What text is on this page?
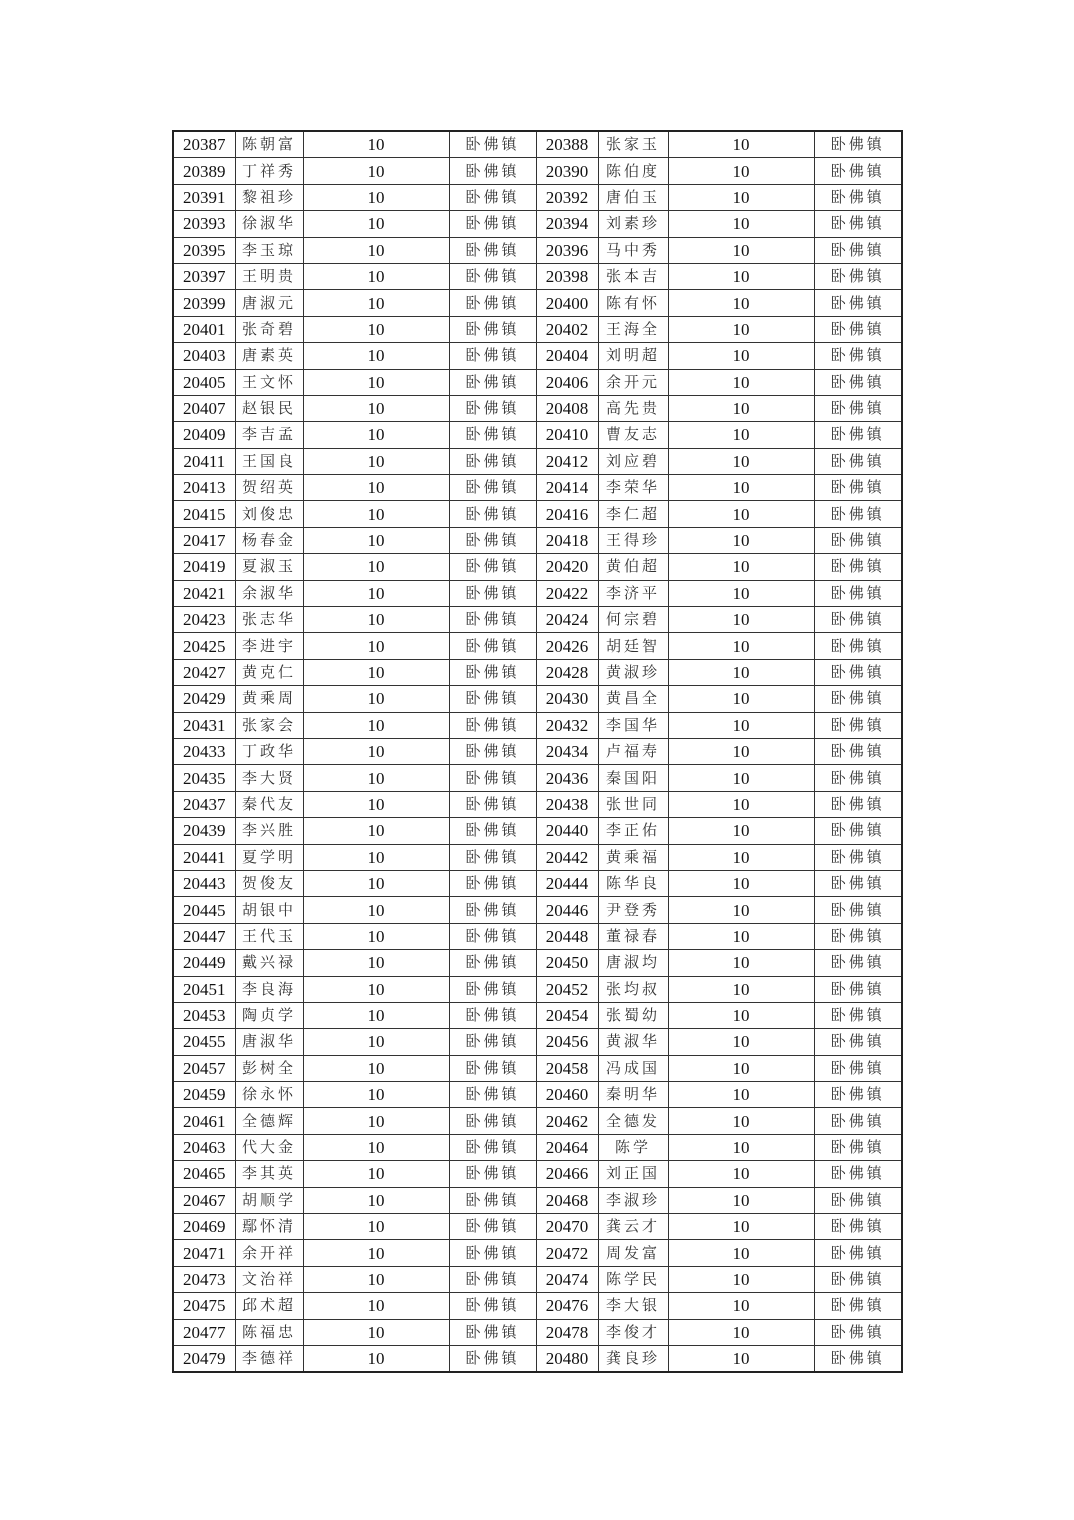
20387	陈朝富	10	卧佛镇	20388	张家玉	10	卧佛镇
20389	丁祥秀	10	卧佛镇	20390	陈伯度	10	卧佛镇
20391	黎祖珍	10	卧佛镇	20392	唐伯玉	10	卧佛镇
20393	徐淑华	10	卧佛镇	20394	刘素珍	10	卧佛镇
20395	李玉琼	10	卧佛镇	20396	马中秀	10	卧佛镇
20397	王明贵	10	卧佛镇	20398	张本吉	10	卧佛镇
20399	唐淑元	10	卧佛镇	20400	陈有怀	10	卧佛镇
20401	张奇碧	10	卧佛镇	20402	王海全	10	卧佛镇
20403	唐素英	10	卧佛镇	20404	刘明超	10	卧佛镇
20405	王文怀	10	卧佛镇	20406	余开元	10	卧佛镇
20407	赵银民	10	卧佛镇	20408	高先贵	10	卧佛镇
20409	李吉孟	10	卧佛镇	20410	曹友志	10	卧佛镇
20411	王国良	10	卧佛镇	20412	刘应碧	10	卧佛镇
20413	贺绍英	10	卧佛镇	20414	李荣华	10	卧佛镇
20415	刘俊忠	10	卧佛镇	20416	李仁超	10	卧佛镇
20417	杨春金	10	卧佛镇	20418	王得珍	10	卧佛镇
20419	夏淑玉	10	卧佛镇	20420	黄伯超	10	卧佛镇
20421	余淑华	10	卧佛镇	20422	李济平	10	卧佛镇
20423	张志华	10	卧佛镇	20424	何宗碧	10	卧佛镇
20425	李进宇	10	卧佛镇	20426	胡廷智	10	卧佛镇
20427	黄克仁	10	卧佛镇	20428	黄淑珍	10	卧佛镇
20429	黄乘周	10	卧佛镇	20430	黄昌全	10	卧佛镇
20431	张家会	10	卧佛镇	20432	李国华	10	卧佛镇
20433	丁政华	10	卧佛镇	20434	卢福寿	10	卧佛镇
20435	李大贤	10	卧佛镇	20436	秦国阳	10	卧佛镇
20437	秦代友	10	卧佛镇	20438	张世同	10	卧佛镇
20439	李兴胜	10	卧佛镇	20440	李正佑	10	卧佛镇
20441	夏学明	10	卧佛镇	20442	黄乘福	10	卧佛镇
20443	贺俊友	10	卧佛镇	20444	陈华良	10	卧佛镇
20445	胡银中	10	卧佛镇	20446	尹登秀	10	卧佛镇
20447	王代玉	10	卧佛镇	20448	董禄春	10	卧佛镇
20449	戴兴禄	10	卧佛镇	20450	唐淑均	10	卧佛镇
20451	李良海	10	卧佛镇	20452	张均叔	10	卧佛镇
20453	陶贞学	10	卧佛镇	20454	张蜀幼	10	卧佛镇
20455	唐淑华	10	卧佛镇	20456	黄淑华	10	卧佛镇
20457	彭树全	10	卧佛镇	20458	冯成国	10	卧佛镇
20459	徐永怀	10	卧佛镇	20460	秦明华	10	卧佛镇
20461	全德辉	10	卧佛镇	20462	全德发	10	卧佛镇
20463	代大金	10	卧佛镇	20464	陈学	10	卧佛镇
20465	李其英	10	卧佛镇	20466	刘正国	10	卧佛镇
20467	胡顺学	10	卧佛镇	20468	李淑珍	10	卧佛镇
20469	鄢怀清	10	卧佛镇	20470	龚云才	10	卧佛镇
20471	余开祥	10	卧佛镇	20472	周发富	10	卧佛镇
20473	文治祥	10	卧佛镇	20474	陈学民	10	卧佛镇
20475	邱术超	10	卧佛镇	20476	李大银	10	卧佛镇
20477	陈福忠	10	卧佛镇	20478	李俊才	10	卧佛镇
20479	李德祥	10	卧佛镇	20480	龚良珍	10	卧佛镇
